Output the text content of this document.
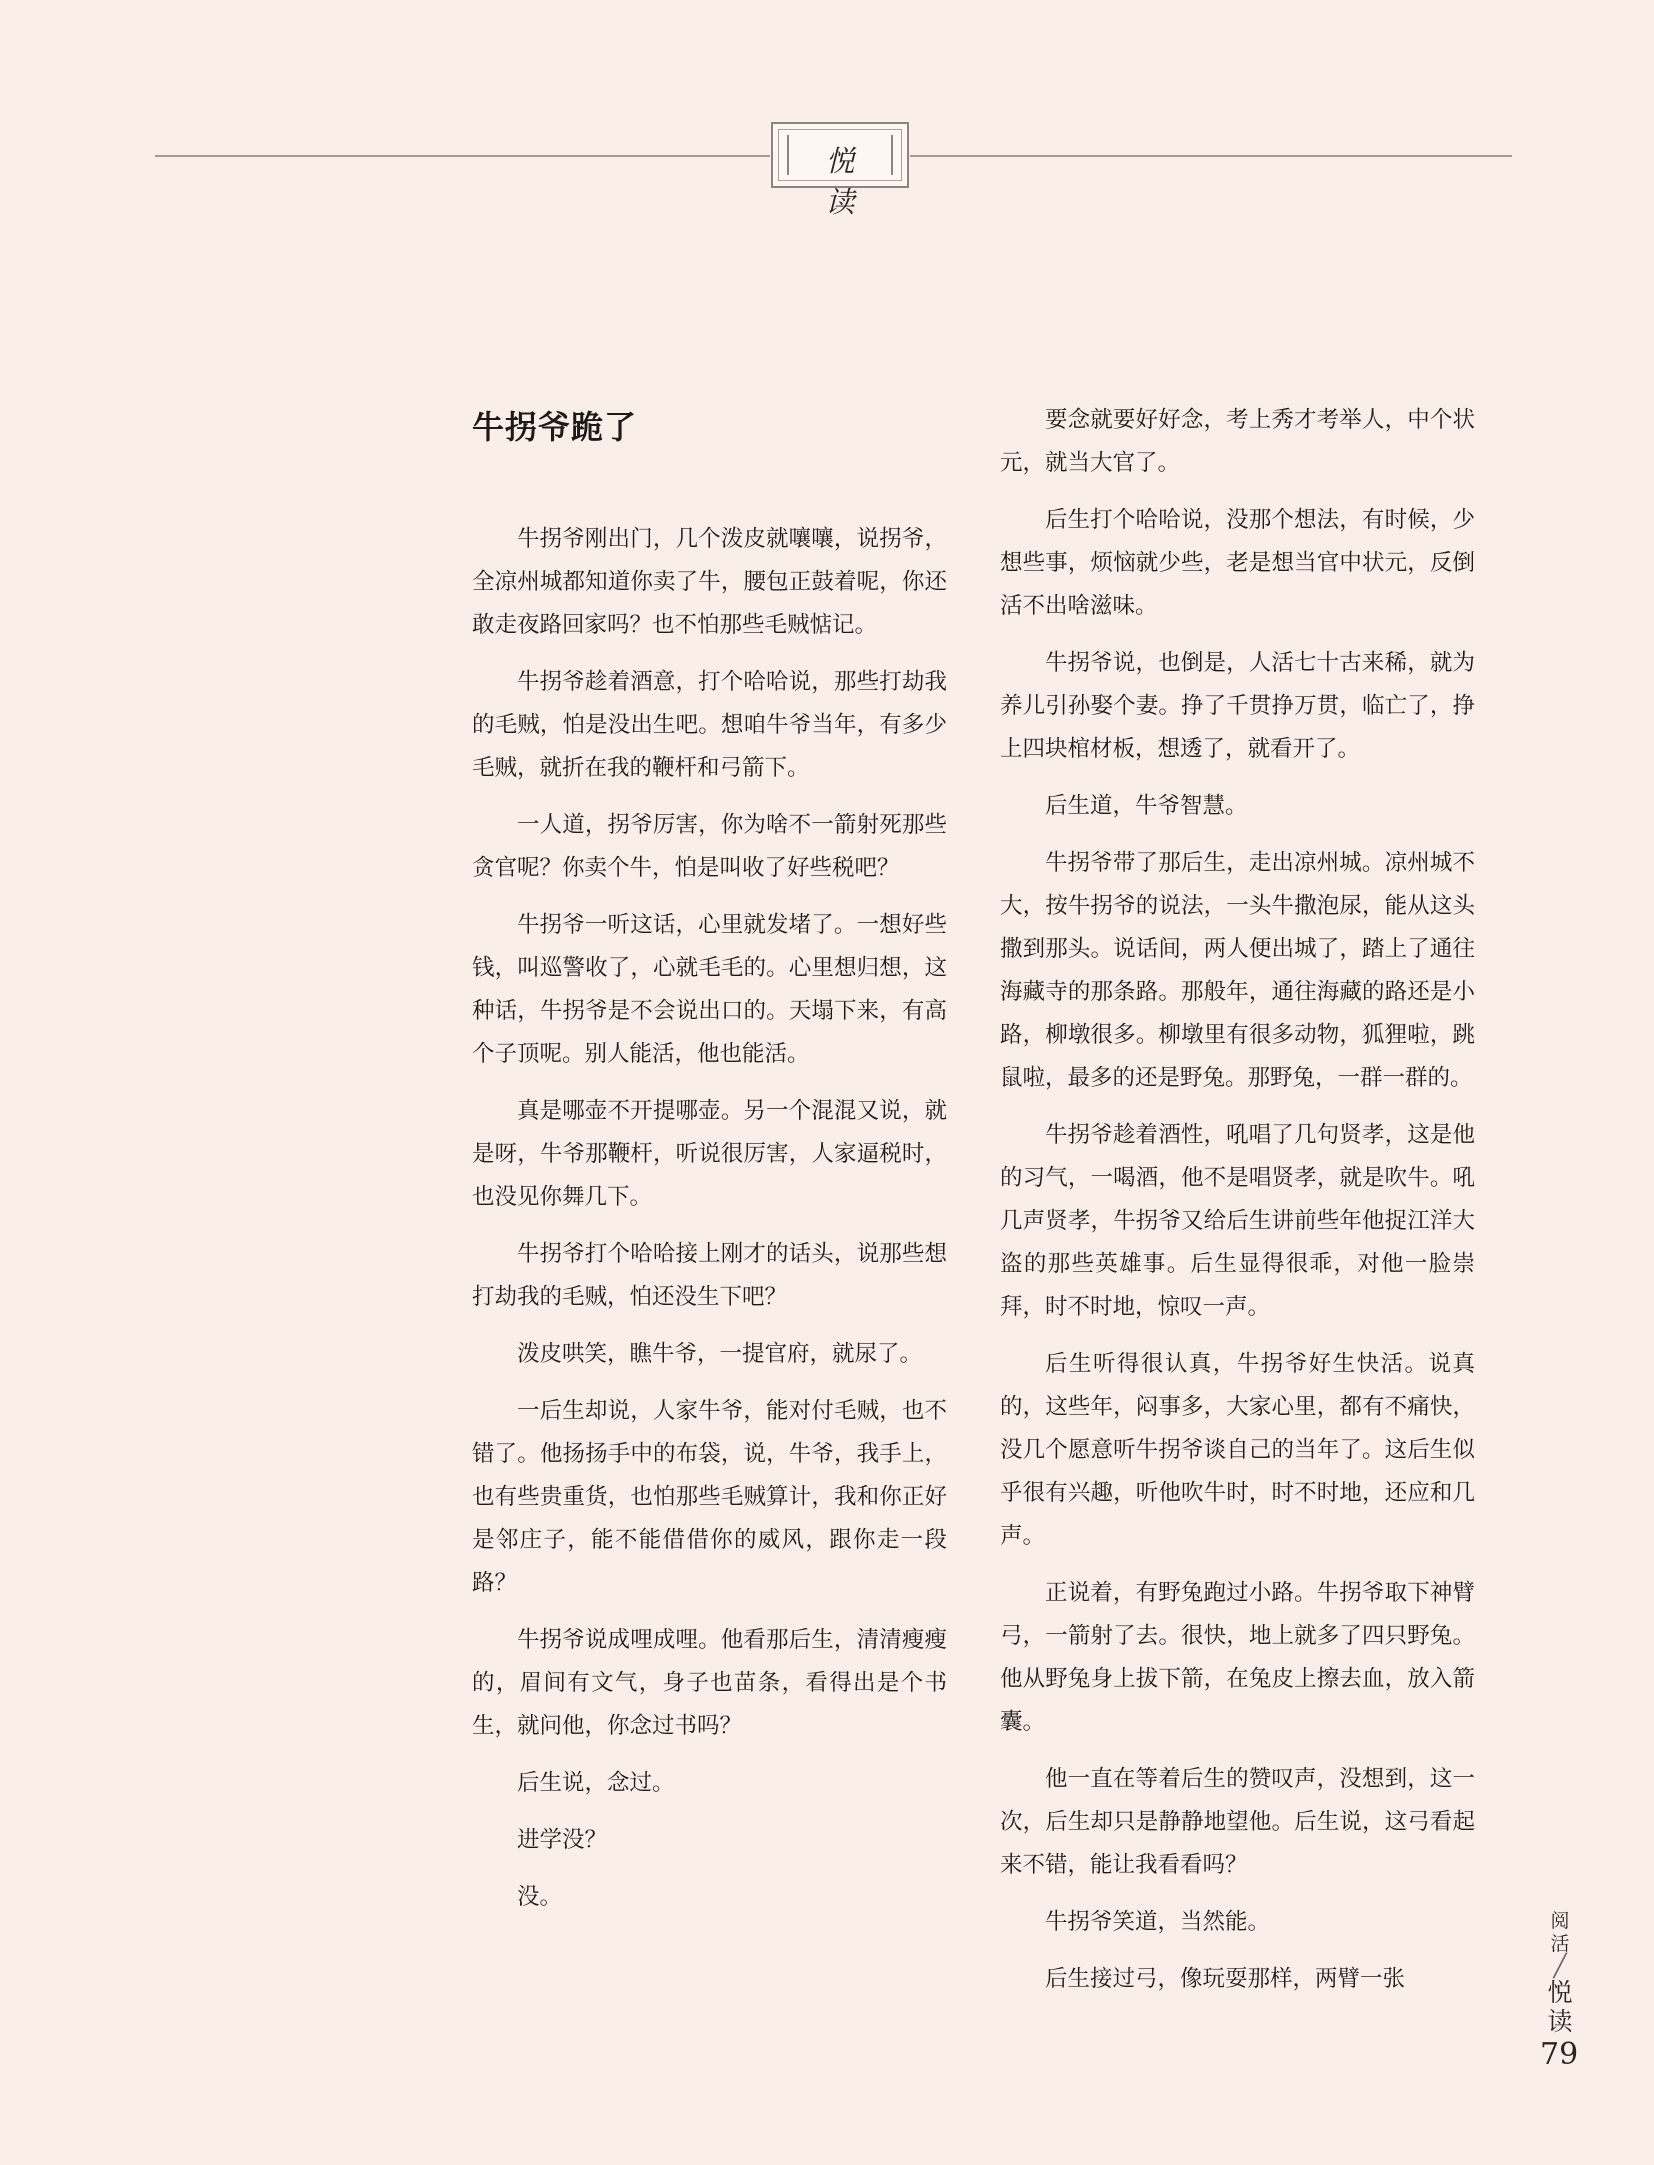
悦 读
牛拐爷跪了

牛拐爷刚出门，几个泼皮就嚷嚷，说拐爷，全凉州城都知道你卖了牛，腰包正鼓着呢，你还敢走夜路回家吗？也不怕那些毛贼惦记。

牛拐爷趁着酒意，打个哈哈说，那些打劫我的毛贼，怕是没出生吧。想咱牛爷当年，有多少毛贼，就折在我的鞭杆和弓箭下。

一人道，拐爷厉害，你为啥不一箭射死那些贪官呢？你卖个牛，怕是叫收了好些税吧？

牛拐爷一听这话，心里就发堵了。一想好些钱，叫巡警收了，心就毛毛的。心里想归想，这种话，牛拐爷是不会说出口的。天塌下来，有高个子顶呢。别人能活，他也能活。

真是哪壶不开提哪壶。另一个混混又说，就是呀，牛爷那鞭杆，听说很厉害，人家逼税时，也没见你舞几下。

牛拐爷打个哈哈接上刚才的话头，说那些想打劫我的毛贼，怕还没生下吧？

泼皮哄笑，瞧牛爷，一提官府，就尿了。

一后生却说，人家牛爷，能对付毛贼，也不错了。他扬扬手中的布袋，说，牛爷，我手上，也有些贵重货，也怕那些毛贼算计，我和你正好是邻庄子，能不能借借你的威风，跟你走一段路？

牛拐爷说成哩成哩。他看那后生，清清瘦瘦的，眉间有文气，身子也苗条，看得出是个书生，就问他，你念过书吗？

后生说，念过。

进学没？

没。

要念就要好好念，考上秀才考举人，中个状元，就当大官了。

后生打个哈哈说，没那个想法，有时候，少想些事，烦恼就少些，老是想当官中状元，反倒活不出啥滋味。

牛拐爷说，也倒是，人活七十古来稀，就为养儿引孙娶个妻。挣了千贯挣万贯，临亡了，挣上四块棺材板，想透了，就看开了。

后生道，牛爷智慧。

牛拐爷带了那后生，走出凉州城。凉州城不大，按牛拐爷的说法，一头牛撒泡尿，能从这头撒到那头。说话间，两人便出城了，踏上了通往海藏寺的那条路。那般年，通往海藏的路还是小路，柳墩很多。柳墩里有很多动物，狐狸啦，跳鼠啦，最多的还是野兔。那野兔，一群一群的。

牛拐爷趁着酒性，吼唱了几句贤孝，这是他的习气，一喝酒，他不是唱贤孝，就是吹牛。吼几声贤孝，牛拐爷又给后生讲前些年他捉江洋大盗的那些英雄事。后生显得很乖，对他一脸崇拜，时不时地，惊叹一声。

后生听得很认真，牛拐爷好生快活。说真的，这些年，闷事多，大家心里，都有不痛快，没几个愿意听牛拐爷谈自己的当年了。这后生似乎很有兴趣，听他吹牛时，时不时地，还应和几声。

正说着，有野兔跑过小路。牛拐爷取下神臂弓，一箭射了去。很快，地上就多了四只野兔。他从野兔身上拔下箭，在兔皮上擦去血，放入箭囊。

他一直在等着后生的赞叹声，没想到，这一次，后生却只是静静地望他。后生说，这弓看起来不错，能让我看看吗？

牛拐爷笑道，当然能。

后生接过弓，像玩耍那样，两臂一张

阅活
╱
悦读
79
